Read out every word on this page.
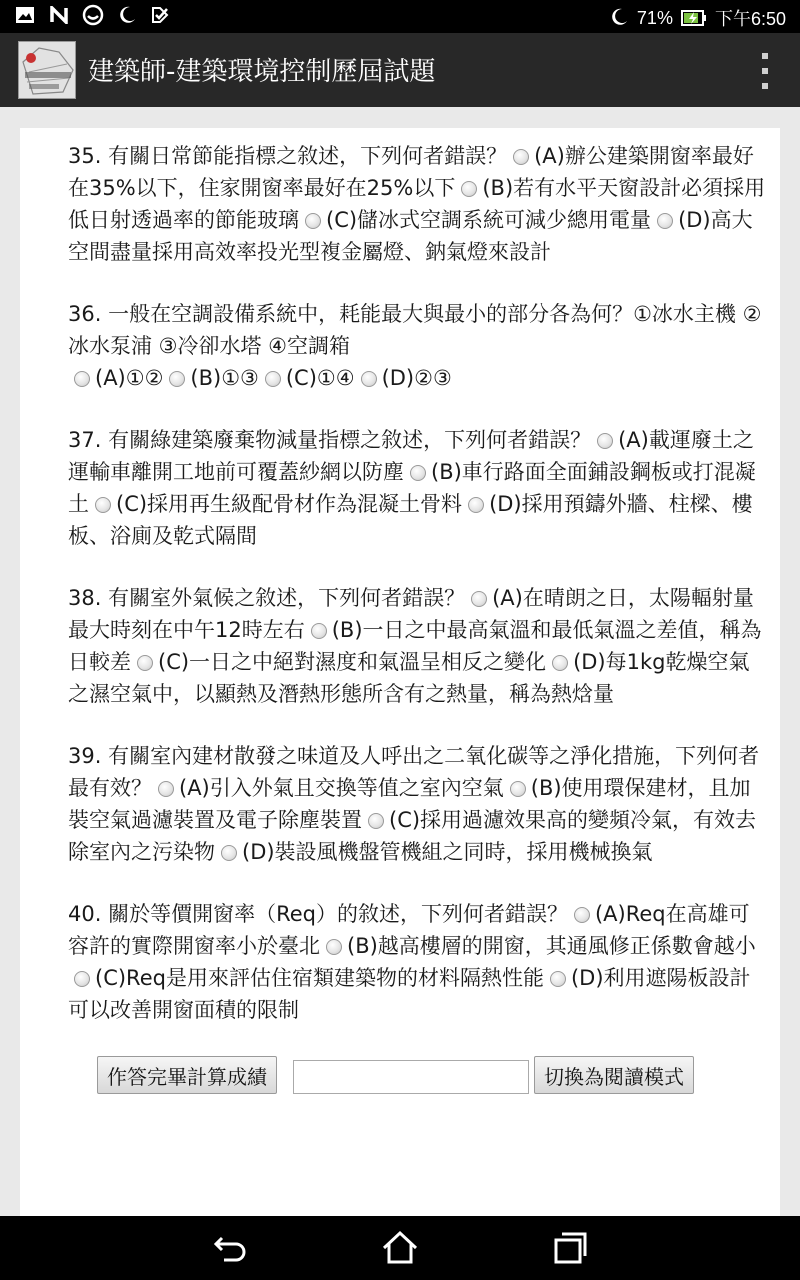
71% 下午6:50
建築師-建築環境控制歷屆試題

35. 有關日常節能指標之敘述，下列何者錯誤？ (A)辦公建築開窗率最好在35%以下，住家開窗率最好在25%以下 (B)若有水平天窗設計必須採用低日射透過率的節能玻璃 (C)儲冰式空調系統可減少總用電量 (D)高大空間盡量採用高效率投光型複金屬燈、鈉氣燈來設計

36. 一般在空調設備系統中，耗能最大與最小的部分各為何？①冰水主機 ②冰水泵浦 ③冷卻水塔 ④空調箱
(A)①② (B)①③ (C)①④ (D)②③

37. 有關綠建築廢棄物減量指標之敘述，下列何者錯誤？ (A)載運廢土之運輸車離開工地前可覆蓋紗網以防塵 (B)車行路面全面鋪設鋼板或打混凝土 (C)採用再生級配骨材作為混凝土骨料 (D)採用預鑄外牆、柱樑、樓板、浴廁及乾式隔間

38. 有關室外氣候之敘述，下列何者錯誤？ (A)在晴朗之日，太陽輻射量最大時刻在中午12時左右 (B)一日之中最高氣溫和最低氣溫之差值，稱為日較差 (C)一日之中絕對濕度和氣溫呈相反之變化 (D)每1kg乾燥空氣之濕空氣中，以顯熱及潛熱形態所含有之熱量，稱為熱焓量

39. 有關室內建材散發之味道及人呼出之二氧化碳等之淨化措施，下列何者最有效？ (A)引入外氣且交換等值之室內空氣 (B)使用環保建材，且加裝空氣過濾裝置及電子除塵裝置 (C)採用過濾效果高的變頻冷氣，有效去除室內之污染物 (D)裝設風機盤管機組之同時，採用機械換氣

40. 關於等價開窗率（Req）的敘述，下列何者錯誤？ (A)Req在高雄可容許的實際開窗率小於臺北 (B)越高樓層的開窗，其通風修正係數會越小(C)Req是用來評估住宿類建築物的材料隔熱性能 (D)利用遮陽板設計可以改善開窗面積的限制

作答完畢計算成績	切換為閱讀模式
